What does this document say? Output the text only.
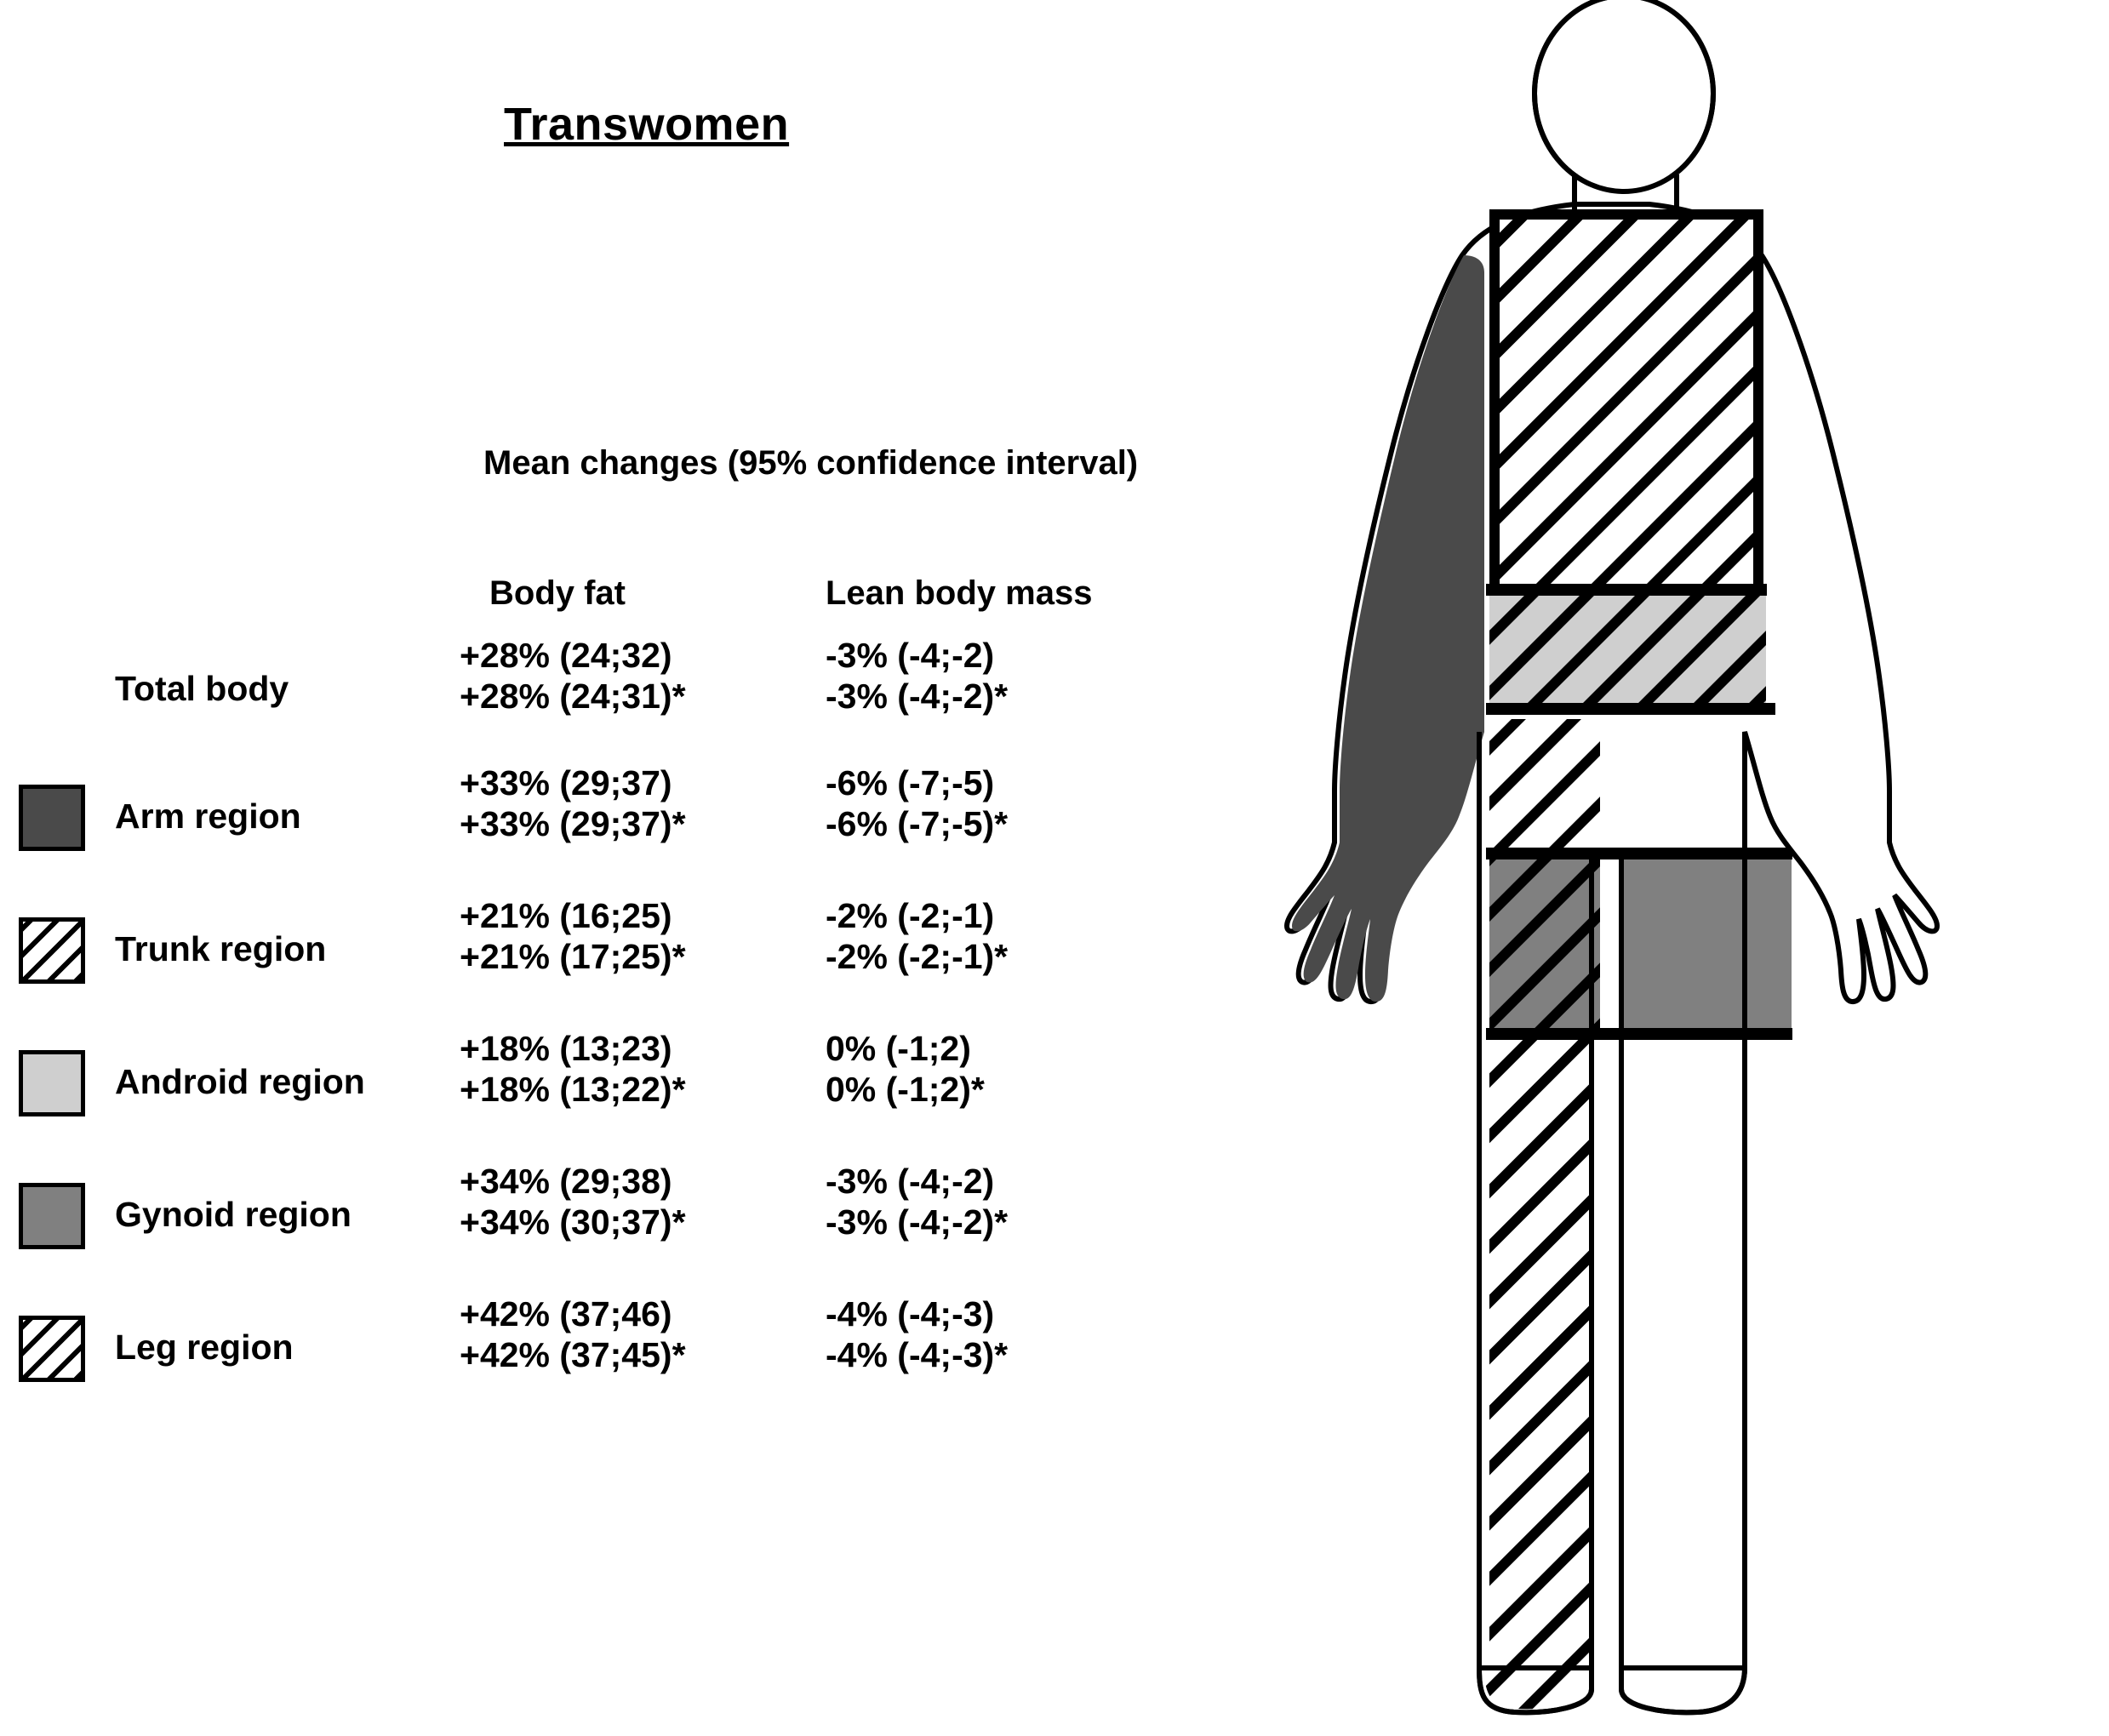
Transwomen
Mean changes (95% confidence interval)
Body fat	Lean body mass
Total body
+28% (24;32)
+28% (24;31)*
-3% (-4;-2)
-3% (-4;-2)*
Arm region
+33% (29;37)
+33% (29;37)*
-6% (-7;-5)
-6% (-7;-5)*
Trunk region
+21% (16;25)
+21% (17;25)*
-2% (-2;-1)
-2% (-2;-1)*
Android region
+18% (13;23)
+18% (13;22)*
0% (-1;2)
0% (-1;2)*
Gynoid region
+34% (29;38)
+34% (30;37)*
-3% (-4;-2)
-3% (-4;-2)*
Leg region
+42% (37;46)
+42% (37;45)*
-4% (-4;-3)
-4% (-4;-3)*
